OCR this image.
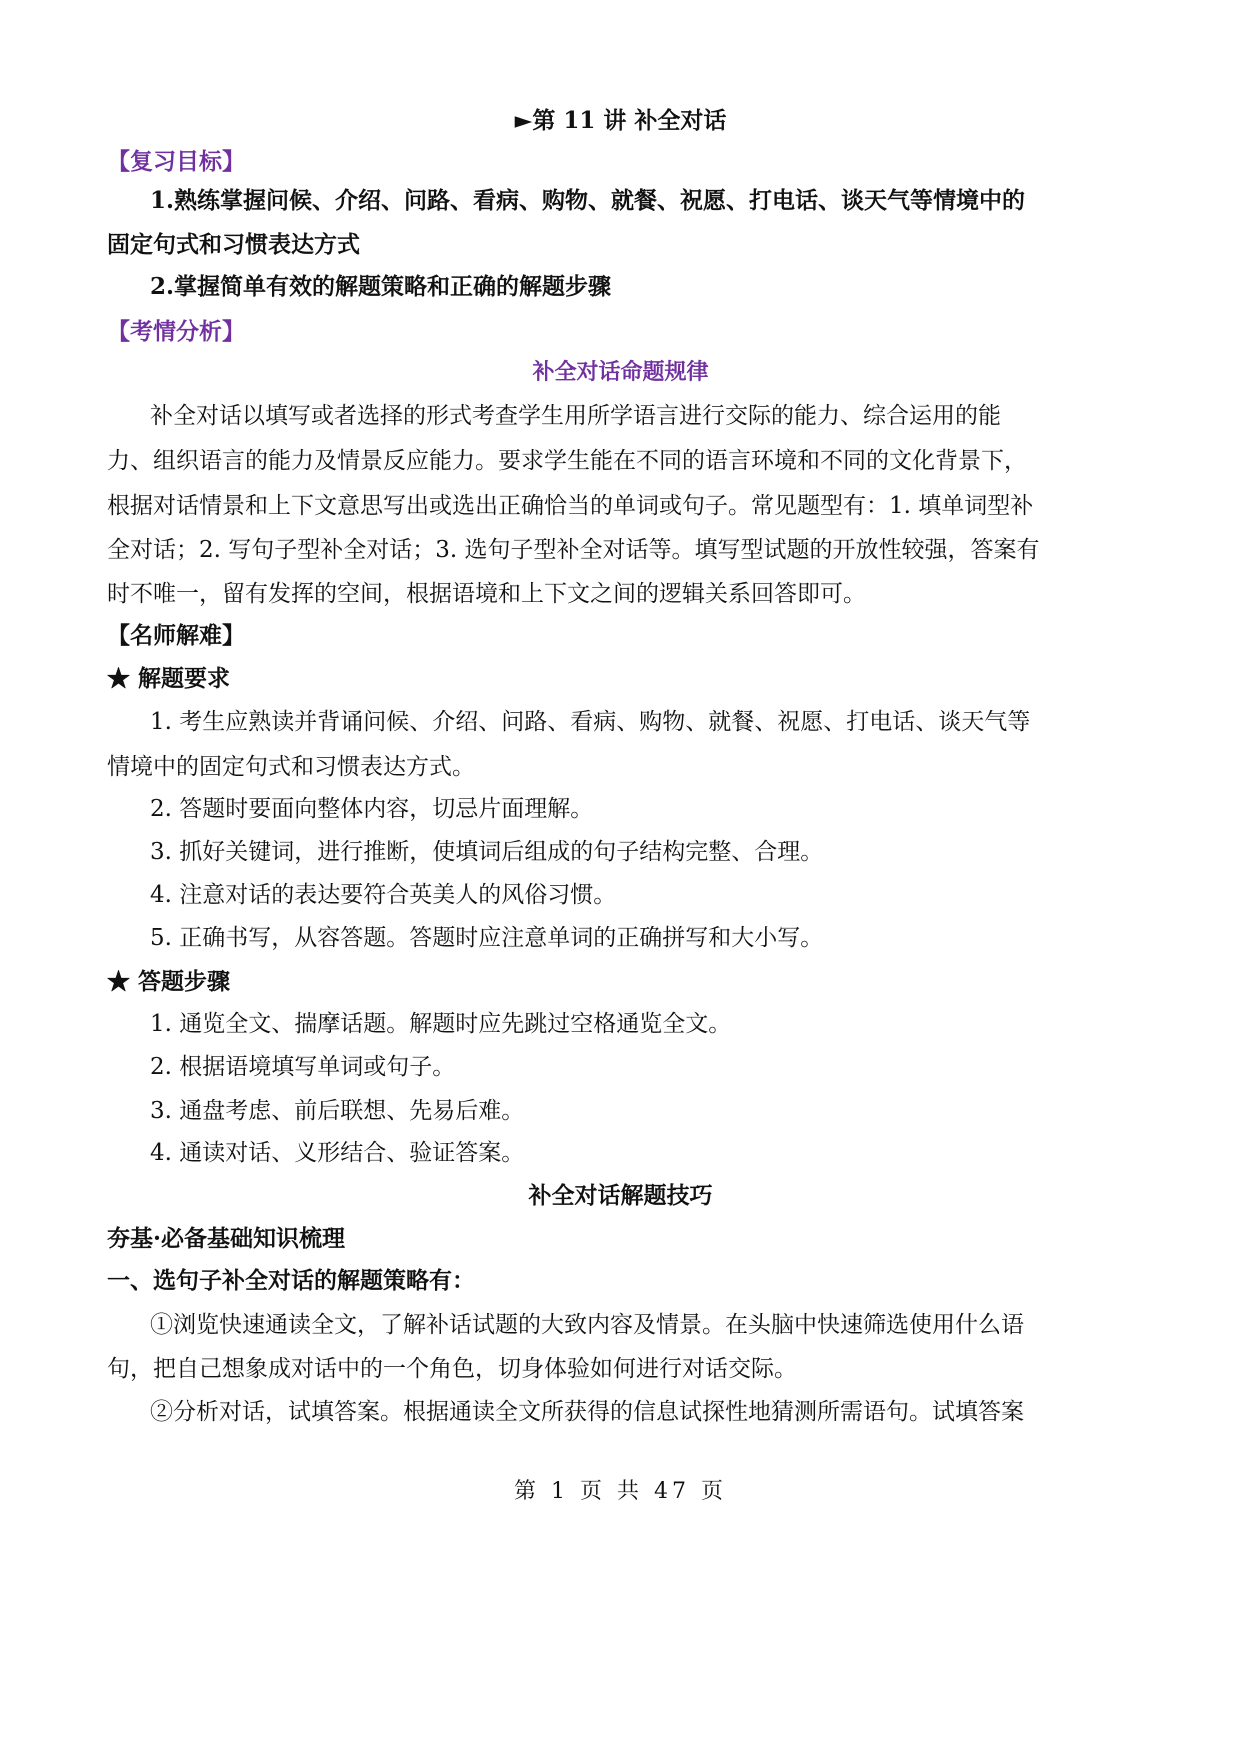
►第 11 讲 补全对话
【复习目标】
1.熟练掌握问候、介绍、问路、看病、购物、就餐、祝愿、打电话、谈天气等情境中的
固定句式和习惯表达方式
2.掌握简单有效的解题策略和正确的解题步骤
【考情分析】
补全对话命题规律
补全对话以填写或者选择的形式考查学生用所学语言进行交际的能力、综合运用的能
力、组织语言的能力及情景反应能力。要求学生能在不同的语言环境和不同的文化背景下，
根据对话情景和上下文意思写出或选出正确恰当的单词或句子。常见题型有：1. 填单词型补
全对话；2. 写句子型补全对话；3. 选句子型补全对话等。填写型试题的开放性较强，答案有
时不唯一，留有发挥的空间，根据语境和上下文之间的逻辑关系回答即可。
【名师解难】
★ 解题要求
1. 考生应熟读并背诵问候、介绍、问路、看病、购物、就餐、祝愿、打电话、谈天气等
情境中的固定句式和习惯表达方式。
2. 答题时要面向整体内容，切忌片面理解。
3. 抓好关键词，进行推断，使填词后组成的句子结构完整、合理。
4. 注意对话的表达要符合英美人的风俗习惯。
5. 正确书写，从容答题。答题时应注意单词的正确拼写和大小写。
★ 答题步骤
1. 通览全文、揣摩话题。解题时应先跳过空格通览全文。
2. 根据语境填写单词或句子。
3. 通盘考虑、前后联想、先易后难。
4. 通读对话、义形结合、验证答案。
补全对话解题技巧
夯基·必备基础知识梳理
一、选句子补全对话的解题策略有：
①浏览快速通读全文，了解补话试题的大致内容及情景。在头脑中快速筛选使用什么语
句，把自己想象成对话中的一个角色，切身体验如何进行对话交际。
②分析对话，试填答案。根据通读全文所获得的信息试探性地猜测所需语句。试填答案
第 1 页 共 47 页
